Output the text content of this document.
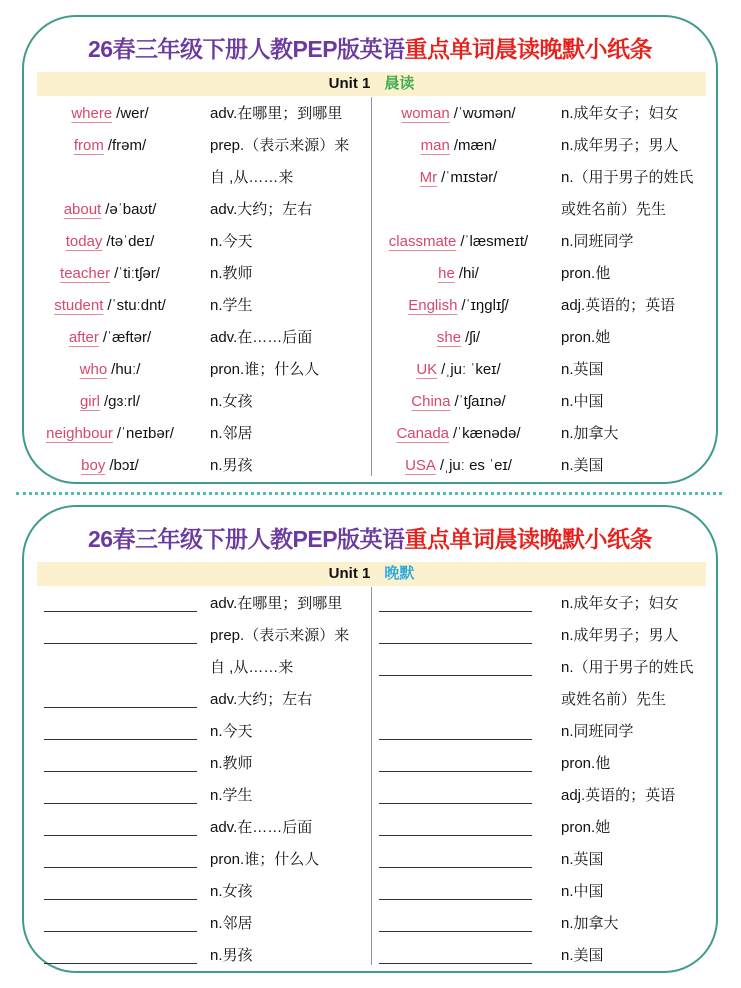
26春三年级下册人教PEP版英语重点单词晨读晚默小纸条
Unit 1 晨读
where /wer/	adv.在哪里；到哪里
from /frəm/	prep.（表示来源）来
自 ,从……来
about /əˈbaʊt/	adv.大约；左右
today /təˈdeɪ/	n.今天
teacher /ˈtiːtʃər/	n.教师
student /ˈstuːdnt/	n.学生
after /ˈæftər/	adv.在……后面
who /huː/	pron.谁；什么人
girl /gɜːrl/	n.女孩
neighbour /ˈneɪbər/	n.邻居
boy /bɔɪ/	n.男孩
woman /ˈwʊmən/	n.成年女子；妇女
man /mæn/	n.成年男子；男人
Mr /ˈmɪstər/	n.（用于男子的姓氏
或姓名前）先生
classmate /ˈlæsmeɪt/	n.同班同学
he /hi/	pron.他
English /ˈɪŋglɪʃ/	adj.英语的；英语
she /ʃi/	pron.她
UK /ˌjuː ˈkeɪ/	n.英国
China /ˈtʃaɪnə/	n.中国
Canada /ˈkænədə/	n.加拿大
USA /ˌjuː es ˈeɪ/	n.美国
26春三年级下册人教PEP版英语重点单词晨读晚默小纸条
Unit 1 晚默
adv.在哪里；到哪里
prep.（表示来源）来
自 ,从……来
adv.大约；左右
n.今天
n.教师
n.学生
adv.在……后面
pron.谁；什么人
n.女孩
n.邻居
n.男孩
n.成年女子；妇女
n.成年男子；男人
n.（用于男子的姓氏
或姓名前）先生
n.同班同学
pron.他
adj.英语的；英语
pron.她
n.英国
n.中国
n.加拿大
n.美国
